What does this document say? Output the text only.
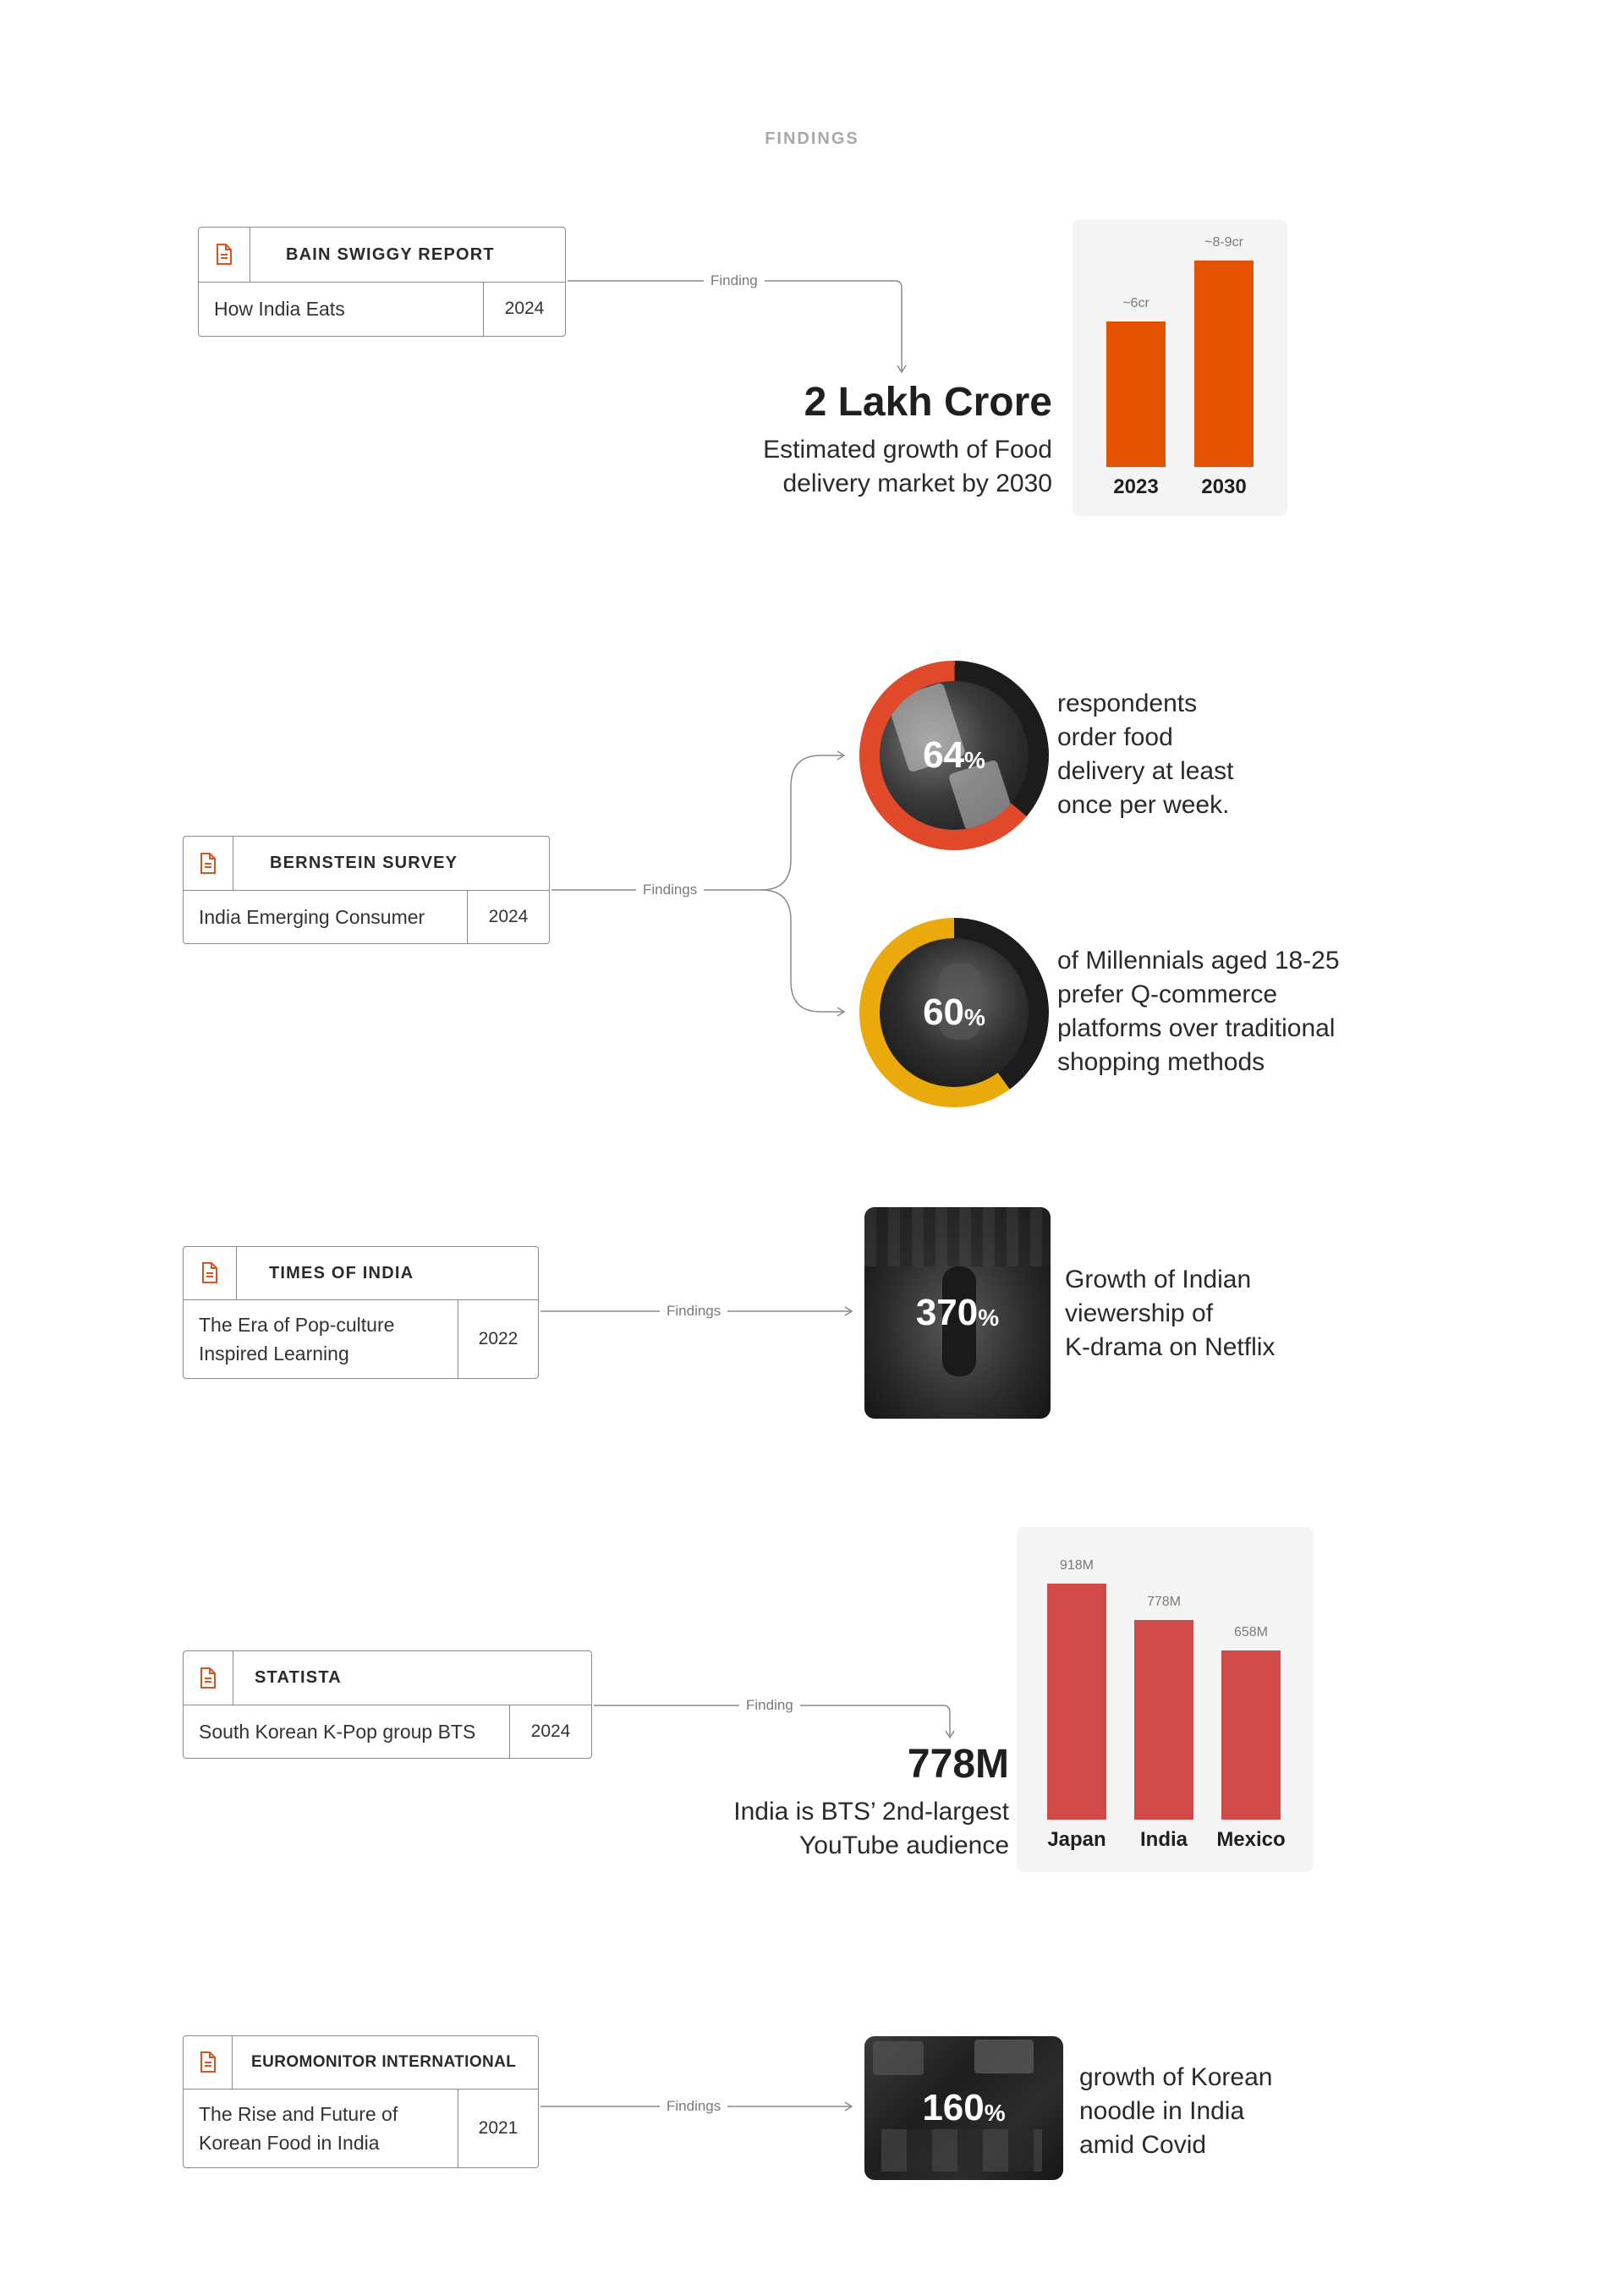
FINDINGS
BAIN SWIGGY REPORT
How India Eats	2024
Finding
2 Lakh Crore
Estimated growth of Food
delivery market by 2030
~6cr
2023
~8-9cr
2030
BERNSTEIN SURVEY
India Emerging Consumer	2024
Findings
64 %
respondents
order food
delivery at least
once per week.
60 %
of Millennials aged 18-25
prefer Q-commerce
platforms over traditional
shopping methods
TIMES OF INDIA
The Era of Pop-culture Inspired Learning
2022
Findings	370 %
Growth of Indian
viewership of
K-drama on Netflix
STATISTA
South Korean K-Pop group BTS	2024
Finding
778M
India is BTS’ 2nd-largest
YouTube audience
918M
Japan
778M
India
658M
Mexico
EUROMONITOR INTERNATIONAL
The Rise and Future of Korean Food in India
2021
Findings	160 %
growth of Korean
noodle in India
amid Covid
